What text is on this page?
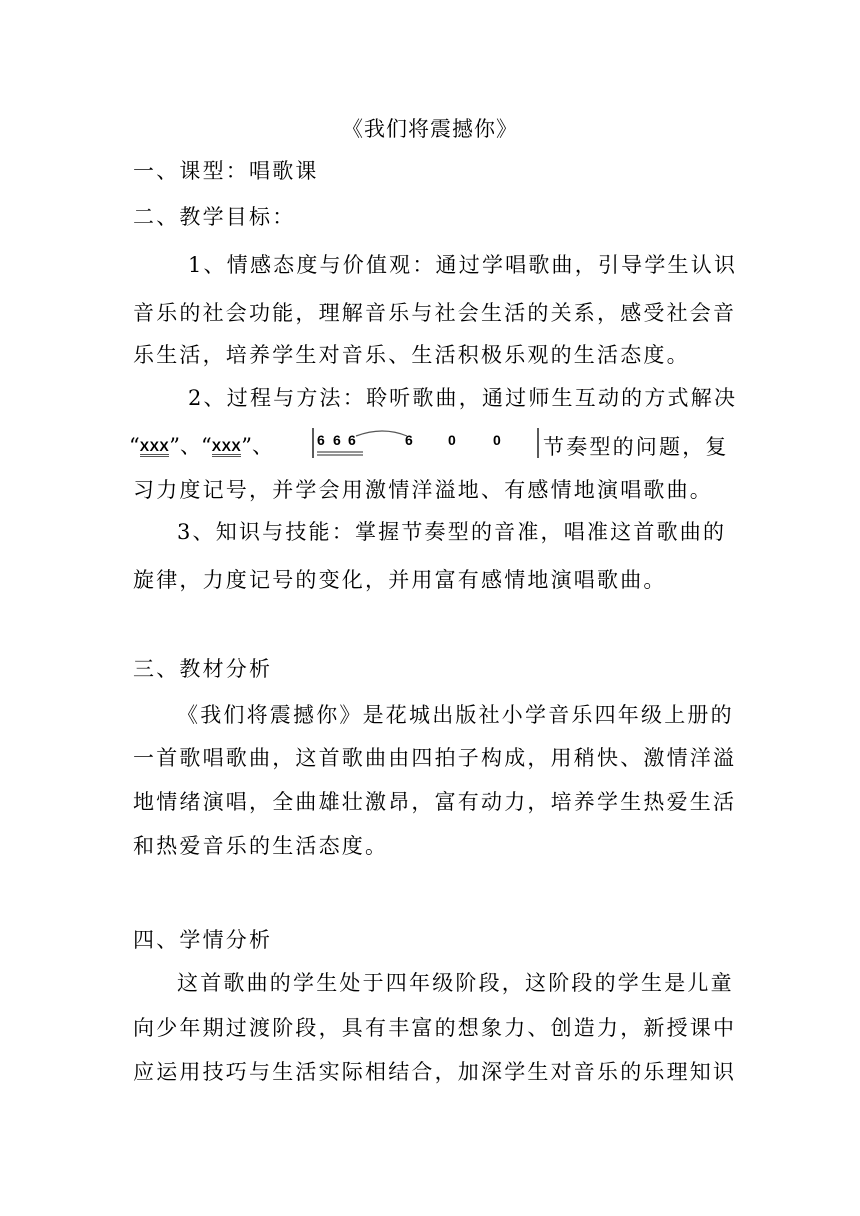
《我们将震撼你》
一、课型：唱歌课
二、教学目标：
1、情感态度与价值观：通过学唱歌曲，引导学生认识
音乐的社会功能，理解音乐与社会生活的关系，感受社会音
乐生活，培养学生对音乐、生活积极乐观的生活态度。
2、过程与方法：聆听歌曲，通过师生互动的方式解决
“XXX”、“XXX”、	6 6 6	6	0	0 节奏型的问题，复
习力度记号，并学会用激情洋溢地、有感情地演唱歌曲。
3、知识与技能：掌握节奏型的音准，唱准这首歌曲的
旋律，力度记号的变化，并用富有感情地演唱歌曲。
三、教材分析
《我们将震撼你》是花城出版社小学音乐四年级上册的
一首歌唱歌曲，这首歌曲由四拍子构成，用稍快、激情洋溢
地情绪演唱，全曲雄壮激昂，富有动力，培养学生热爱生活
和热爱音乐的生活态度。
四、学情分析
这首歌曲的学生处于四年级阶段，这阶段的学生是儿童
向少年期过渡阶段，具有丰富的想象力、创造力，新授课中
应运用技巧与生活实际相结合，加深学生对音乐的乐理知识
